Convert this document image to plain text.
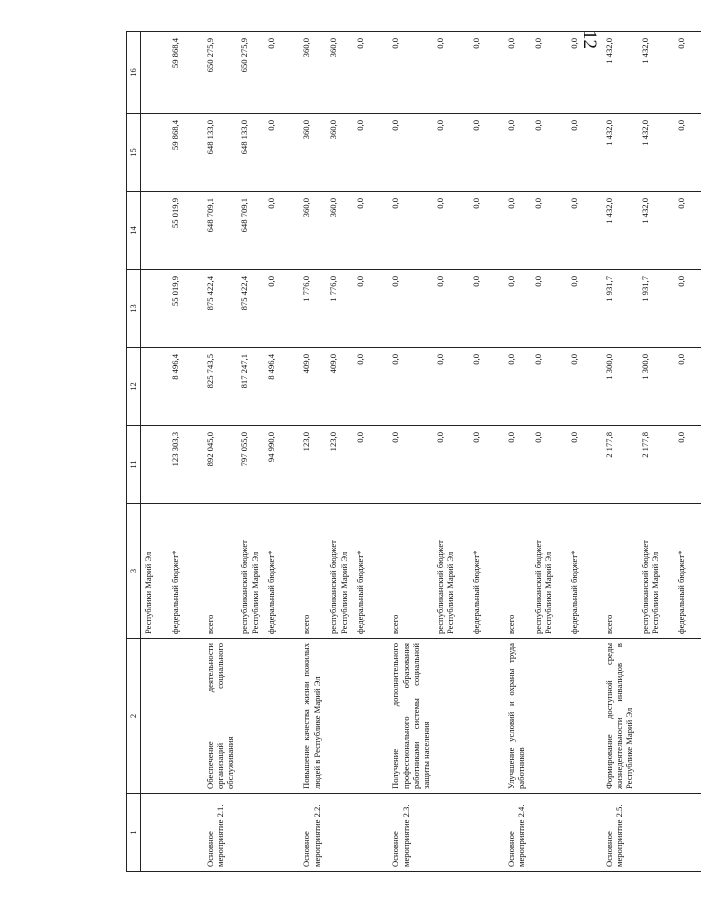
12
1	2	3	11	12	13	14	15	16
		Республики Марий Эл						
		федеральный бюджет*	123 303,3	8 496,4	55 019,9	55 019,9	59 868,4	59 868,4
Основное мероприятие 2.1.	Обеспечение деятельности организаций социального обслуживания	всего	892 045,0	825 743,5	875 422,4	648 709,1	648 133,0	650 275,9
		республиканский бюджет Республики Марий Эл	797 055,0	817 247,1	875 422,4	648 709,1	648 133,0	650 275,9
		федеральный бюджет*	94 990,0	8 496,4	0,0	0,0	0,0	0,0
Основное мероприятие 2.2.	Повышение качества жизни пожилых людей в Республике Марий Эл	всего	123,0	409,0	1 776,0	360,0	360,0	360,0
		республиканский бюджет Республики Марий Эл	123,0	409,0	1 776,0	360,0	360,0	360,0
		федеральный бюджет*	0,0	0,0	0,0	0,0	0,0	0,0
Основное мероприятие 2.3.	Получение дополнительного профессионального образования работниками системы социальной защиты населения	всего	0,0	0,0	0,0	0,0	0,0	0,0
		республиканский бюджет Республики Марий Эл	0,0	0,0	0,0	0,0	0,0	0,0
		федеральный бюджет*	0,0	0,0	0,0	0,0	0,0	0,0
Основное мероприятие 2.4.	Улучшение условий и охраны труда работников	всего	0,0	0,0	0,0	0,0	0,0	0,0
		республиканский бюджет Республики Марий Эл	0,0	0,0	0,0	0,0	0,0	0,0
		федеральный бюджет*	0,0	0,0	0,0	0,0	0,0	0,0
Основное мероприятие 2.5.	Формирование доступной среды жизнедеятельности инвалидов в Республике Марий Эл	всего	2 177,8	1 300,0	1 931,7	1 432,0	1 432,0	1 432,0
		республиканский бюджет Республики Марий Эл	2 177,8	1 300,0	1 931,7	1 432,0	1 432,0	1 432,0
		федеральный бюджет*	0,0	0,0	0,0	0,0	0,0	0,0
